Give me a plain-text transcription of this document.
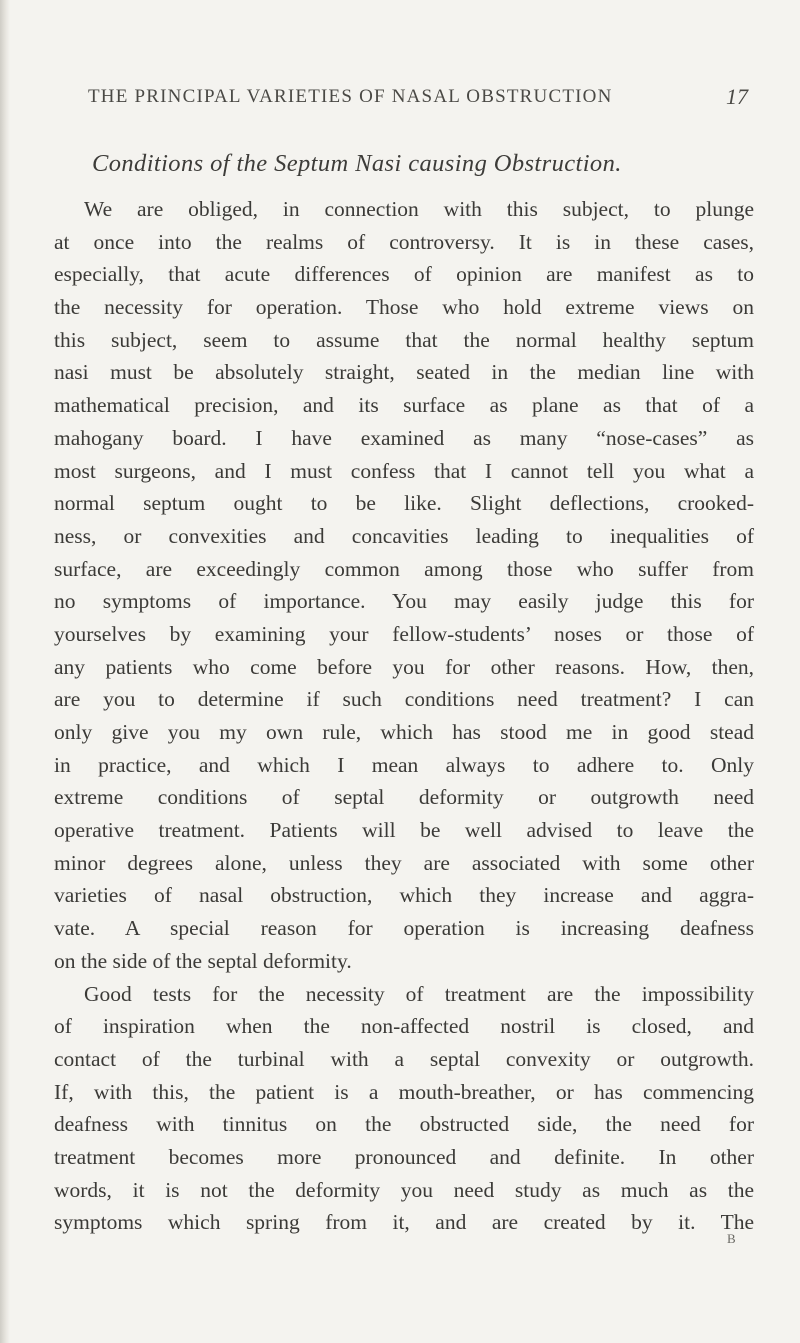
THE PRINCIPAL VARIETIES OF NASAL OBSTRUCTION	17
Conditions of the Septum Nasi causing Obstruction.
We are obliged, in connection with this subject, to plunge
at once into the realms of controversy. It is in these cases,
especially, that acute differences of opinion are manifest as to
the necessity for operation. Those who hold extreme views on
this subject, seem to assume that the normal healthy septum
nasi must be absolutely straight, seated in the median line with
mathematical precision, and its surface as plane as that of a
mahogany board. I have examined as many “nose-cases” as
most surgeons, and I must confess that I cannot tell you what a
normal septum ought to be like. Slight deflections, crooked-
ness, or convexities and concavities leading to inequalities of
surface, are exceedingly common among those who suffer from
no symptoms of importance. You may easily judge this for
yourselves by examining your fellow-students’ noses or those of
any patients who come before you for other reasons. How, then,
are you to determine if such conditions need treatment? I can
only give you my own rule, which has stood me in good stead
in practice, and which I mean always to adhere to. Only
extreme conditions of septal deformity or outgrowth need
operative treatment. Patients will be well advised to leave the
minor degrees alone, unless they are associated with some other
varieties of nasal obstruction, which they increase and aggra-
vate. A special reason for operation is increasing deafness
on the side of the septal deformity.
Good tests for the necessity of treatment are the impossibility
of inspiration when the non-affected nostril is closed, and
contact of the turbinal with a septal convexity or outgrowth.
If, with this, the patient is a mouth-breather, or has commencing
deafness with tinnitus on the obstructed side, the need for
treatment becomes more pronounced and definite. In other
words, it is not the deformity you need study as much as the
symptoms which spring from it, and are created by it. The
B
